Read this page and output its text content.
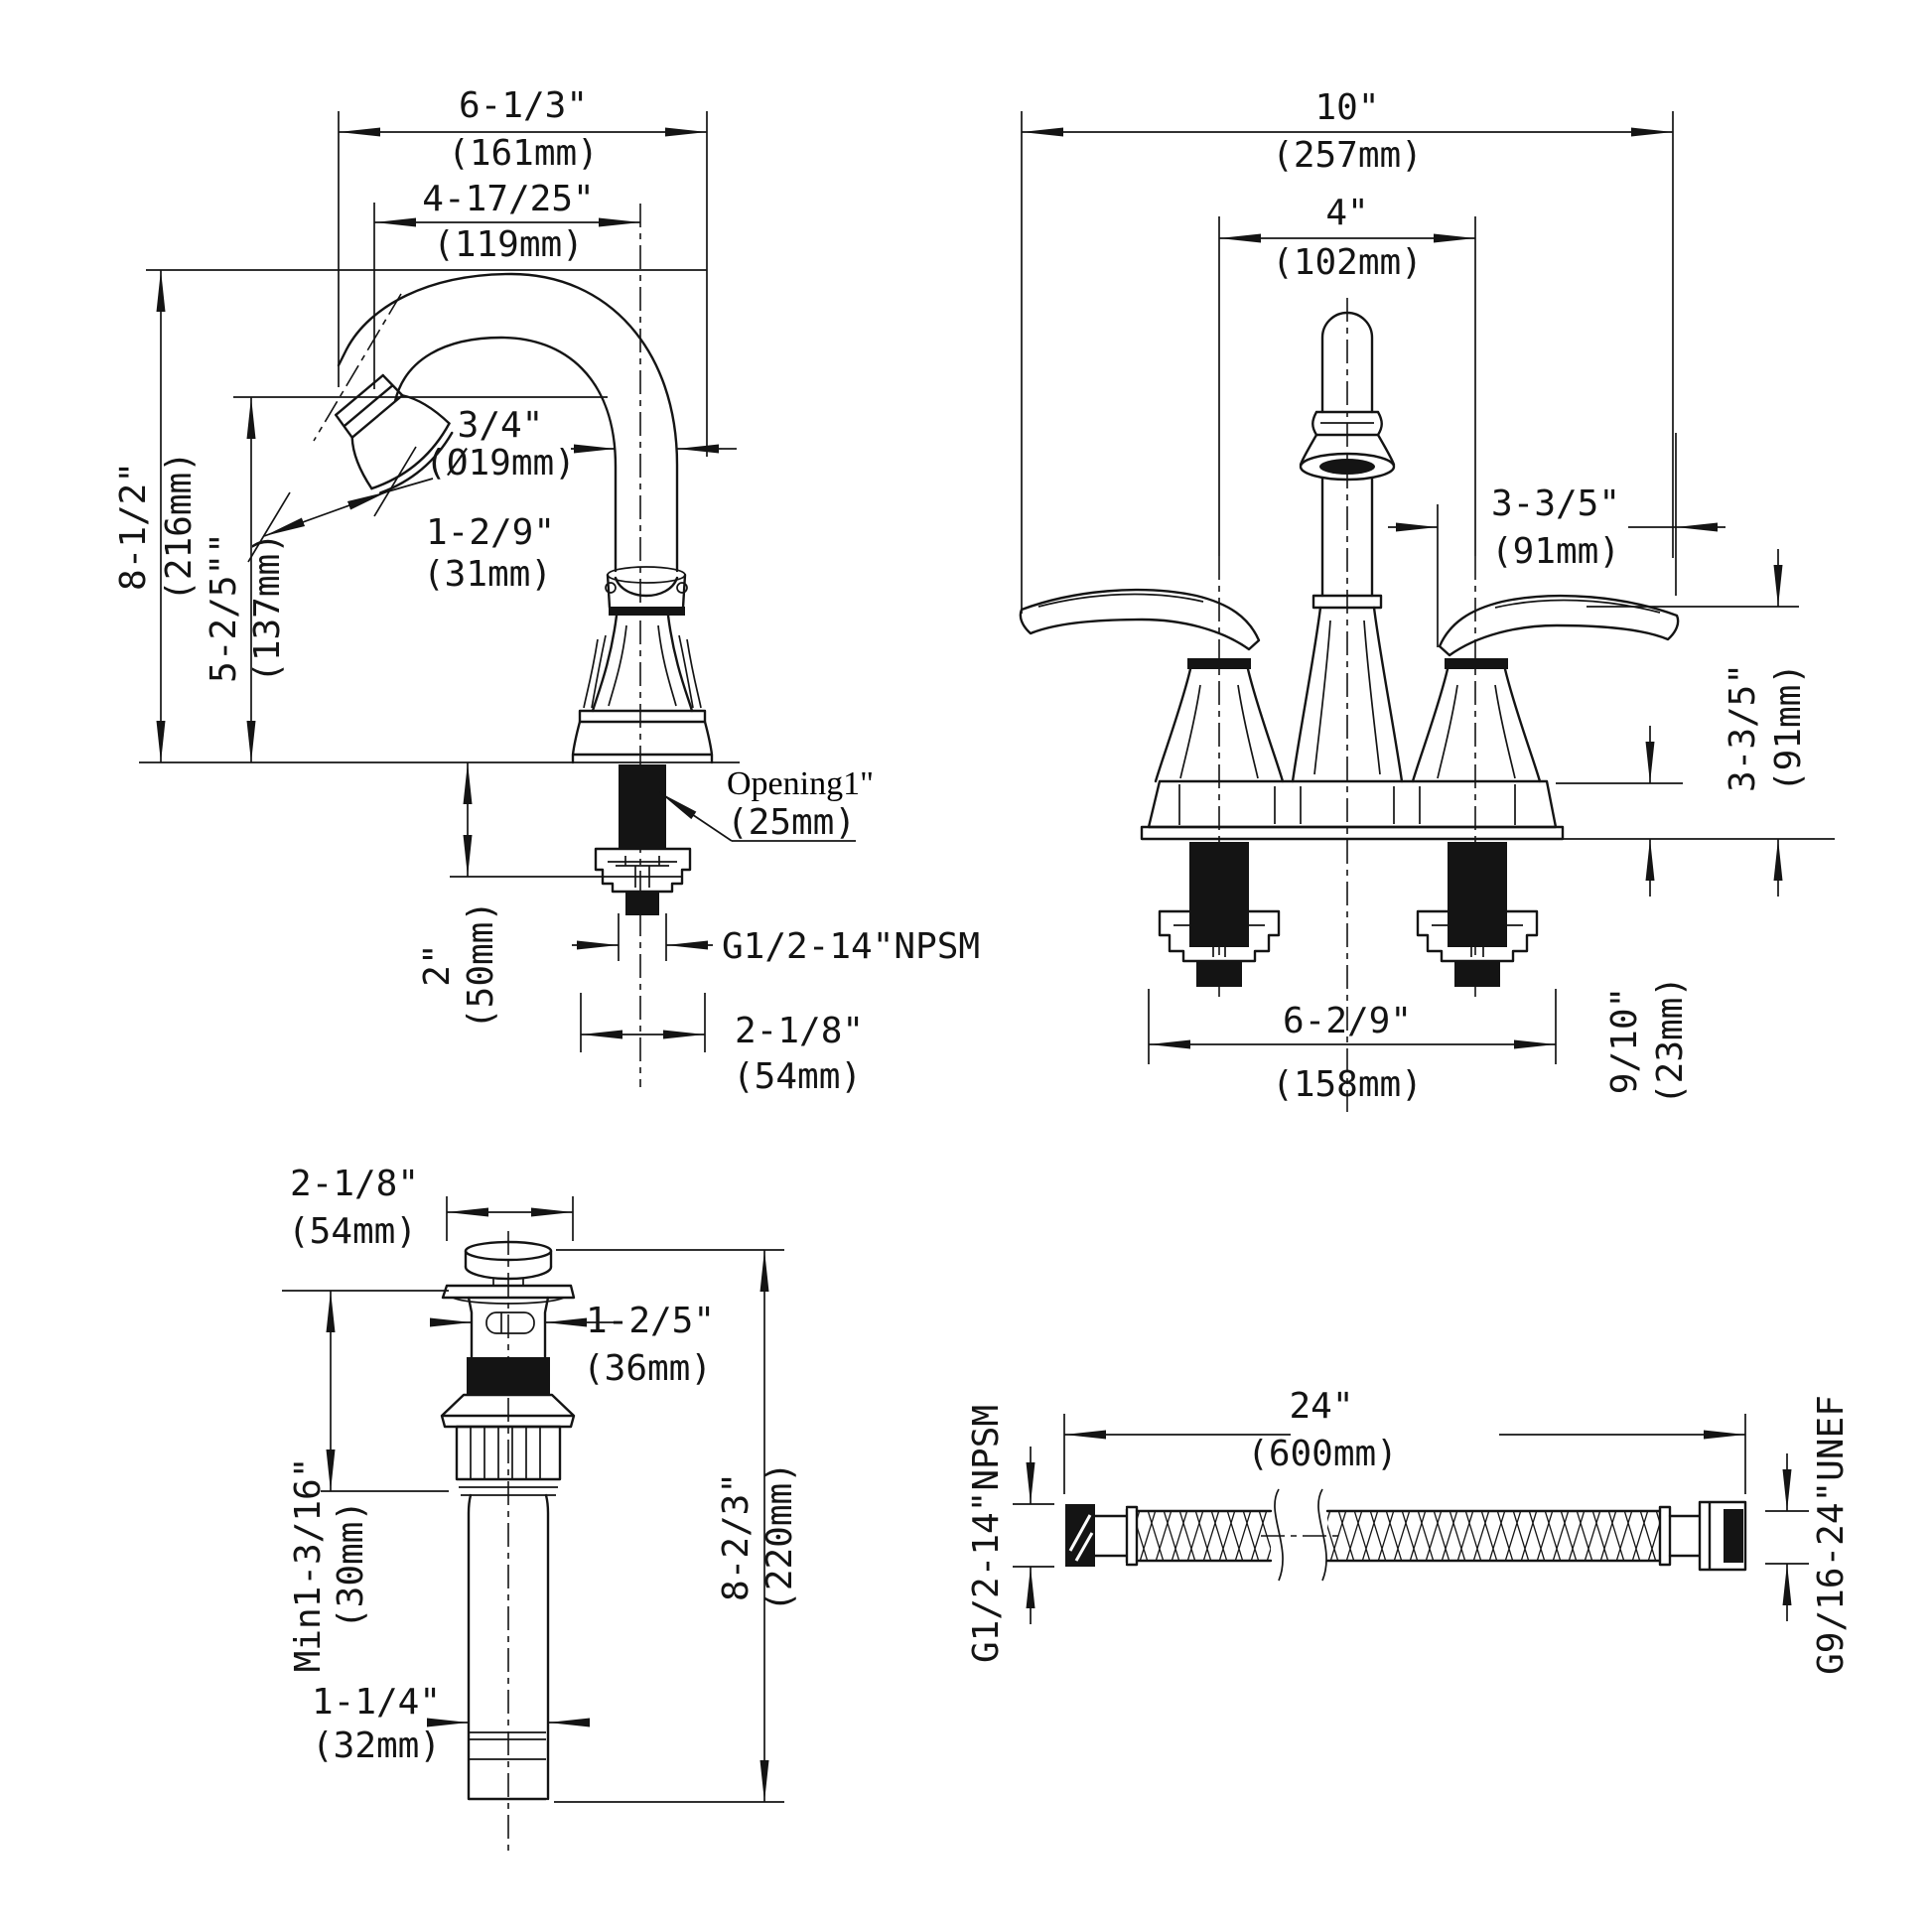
6-1/3"
(161mm)
4-17/25"
(119mm)
8-1/2" (216mm)
5-2/5"" (137mm)
3/4"
(Ø19mm)
1-2/9"
(31mm)
Opening1"
(25mm)
2" (50mm)	G1/2-14"NPSM
2-1/8"
(54mm)
10"
(257mm)
4"
(102mm)
3-3/5"
(91mm)
3-3/5" (91mm)
9/10" (23mm)
6-2/9"
(158mm)
2-1/8"
(54mm)
1-2/5"
(36mm)
Min1-3/16" (30mm)	8-2/3" (220mm)
1-1/4"
(32mm)
24"
(600mm)
G1/2-14"NPSM	G9/16-24"UNEF
